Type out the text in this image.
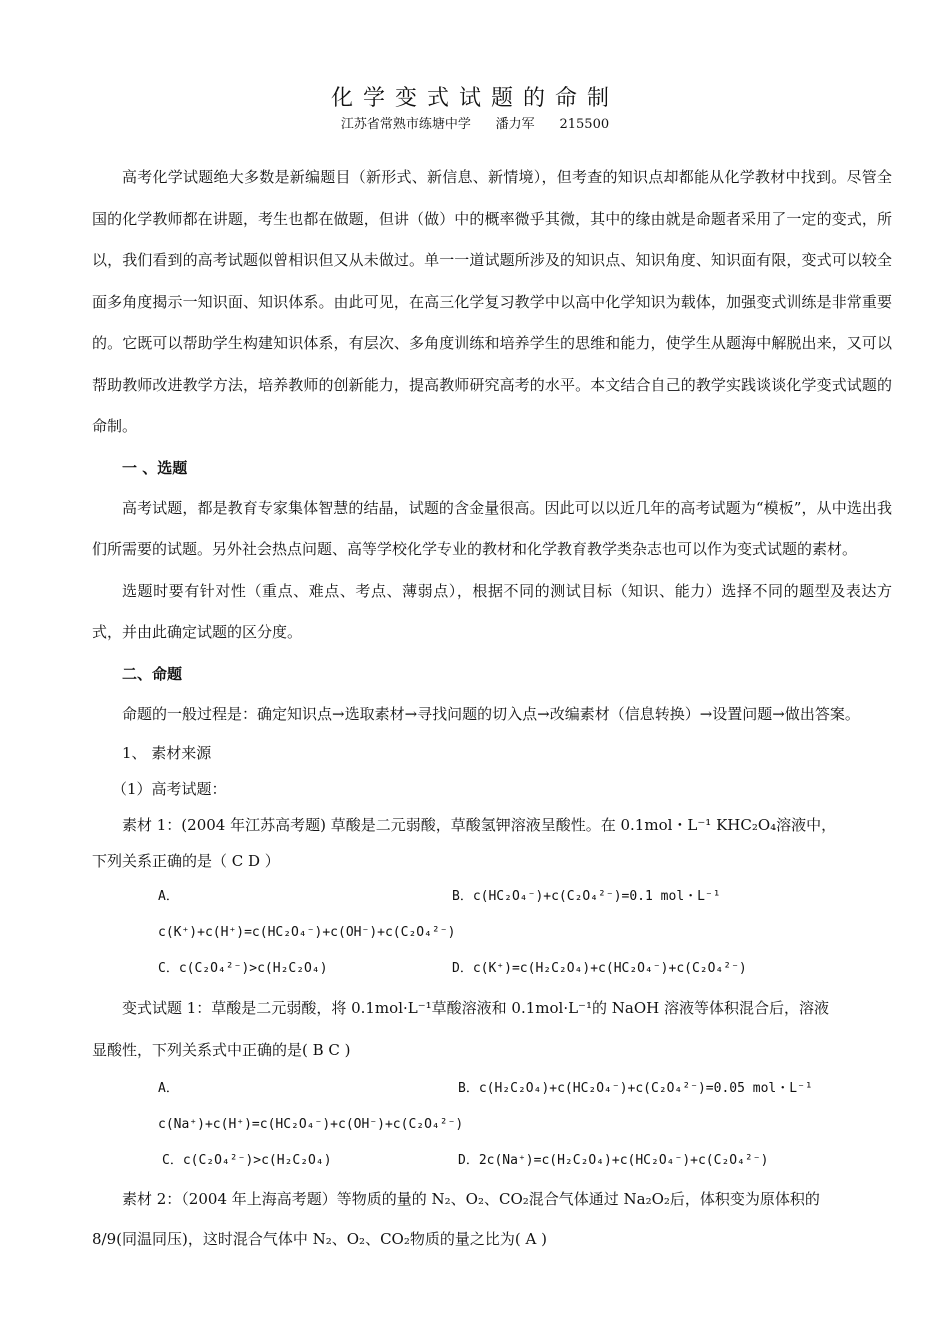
化学变式试题的命制
江苏省常熟市练塘中学      潘力军      215500

高考化学试题绝大多数是新编题目（新形式、新信息、新情境），但考查的知识点却都能从化学教材中找到。尽管全国的化学教师都在讲题，考生也都在做题，但讲（做）中的概率微乎其微，其中的缘由就是命题者采用了一定的变式，所以，我们看到的高考试题似曾相识但又从未做过。单一一道试题所涉及的知识点、知识角度、知识面有限，变式可以较全面多角度揭示一知识面、知识体系。由此可见，在高三化学复习教学中以高中化学知识为载体，加强变式训练是非常重要的。它既可以帮助学生构建知识体系，有层次、多角度训练和培养学生的思维和能力，使学生从题海中解脱出来，又可以帮助教师改进教学方法，培养教师的创新能力，提高教师研究高考的水平。本文结合自己的教学实践谈谈化学变式试题的命制。

一 、选题

高考试题，都是教育专家集体智慧的结晶，试题的含金量很高。因此可以以近几年的高考试题为“模板”，从中选出我们所需要的试题。另外社会热点问题、高等学校化学专业的教材和化学教育教学类杂志也可以作为变式试题的素材。

选题时要有针对性（重点、难点、考点、薄弱点），根据不同的测试目标（知识、能力）选择不同的题型及表达方式，并由此确定试题的区分度。

二、命题

命题的一般过程是：确定知识点→选取素材→寻找问题的切入点→改编素材（信息转换）→设置问题→做出答案。

1、 素材来源

（1）高考试题：

素材 1：(2004 年江苏高考题) 草酸是二元弱酸，草酸氢钾溶液呈酸性。在 0.1mol・L⁻¹ KHC₂O₄溶液中，

下列关系正确的是（ C D ）

A．c(K⁺)+c(H⁺)=c(HC₂O₄⁻)+c(OH⁻)+c(C₂O₄²⁻)
B．c(HC₂O₄⁻)+c(C₂O₄²⁻)=0.1 mol・L⁻¹
C．c(C₂O₄²⁻)>c(H₂C₂O₄)	D．c(K⁺)=c(H₂C₂O₄)+c(HC₂O₄⁻)+c(C₂O₄²⁻)

变式试题 1：草酸是二元弱酸，将 0.1mol·L⁻¹草酸溶液和 0.1mol·L⁻¹的 NaOH 溶液等体积混合后，溶液

显酸性，下列关系式中正确的是( B C )

A．c(Na⁺)+c(H⁺)=c(HC₂O₄⁻)+c(OH⁻)+c(C₂O₄²⁻)
B．c(H₂C₂O₄)+c(HC₂O₄⁻)+c(C₂O₄²⁻)=0.05 mol・L⁻¹
C．c(C₂O₄²⁻)>c(H₂C₂O₄)	D．2c(Na⁺)=c(H₂C₂O₄)+c(HC₂O₄⁻)+c(C₂O₄²⁻)

素材 2：（2004 年上海高考题）等物质的量的 N₂、O₂、CO₂混合气体通过 Na₂O₂后，体积变为原体积的

8/9(同温同压)，这时混合气体中 N₂、O₂、CO₂物质的量之比为( A )
